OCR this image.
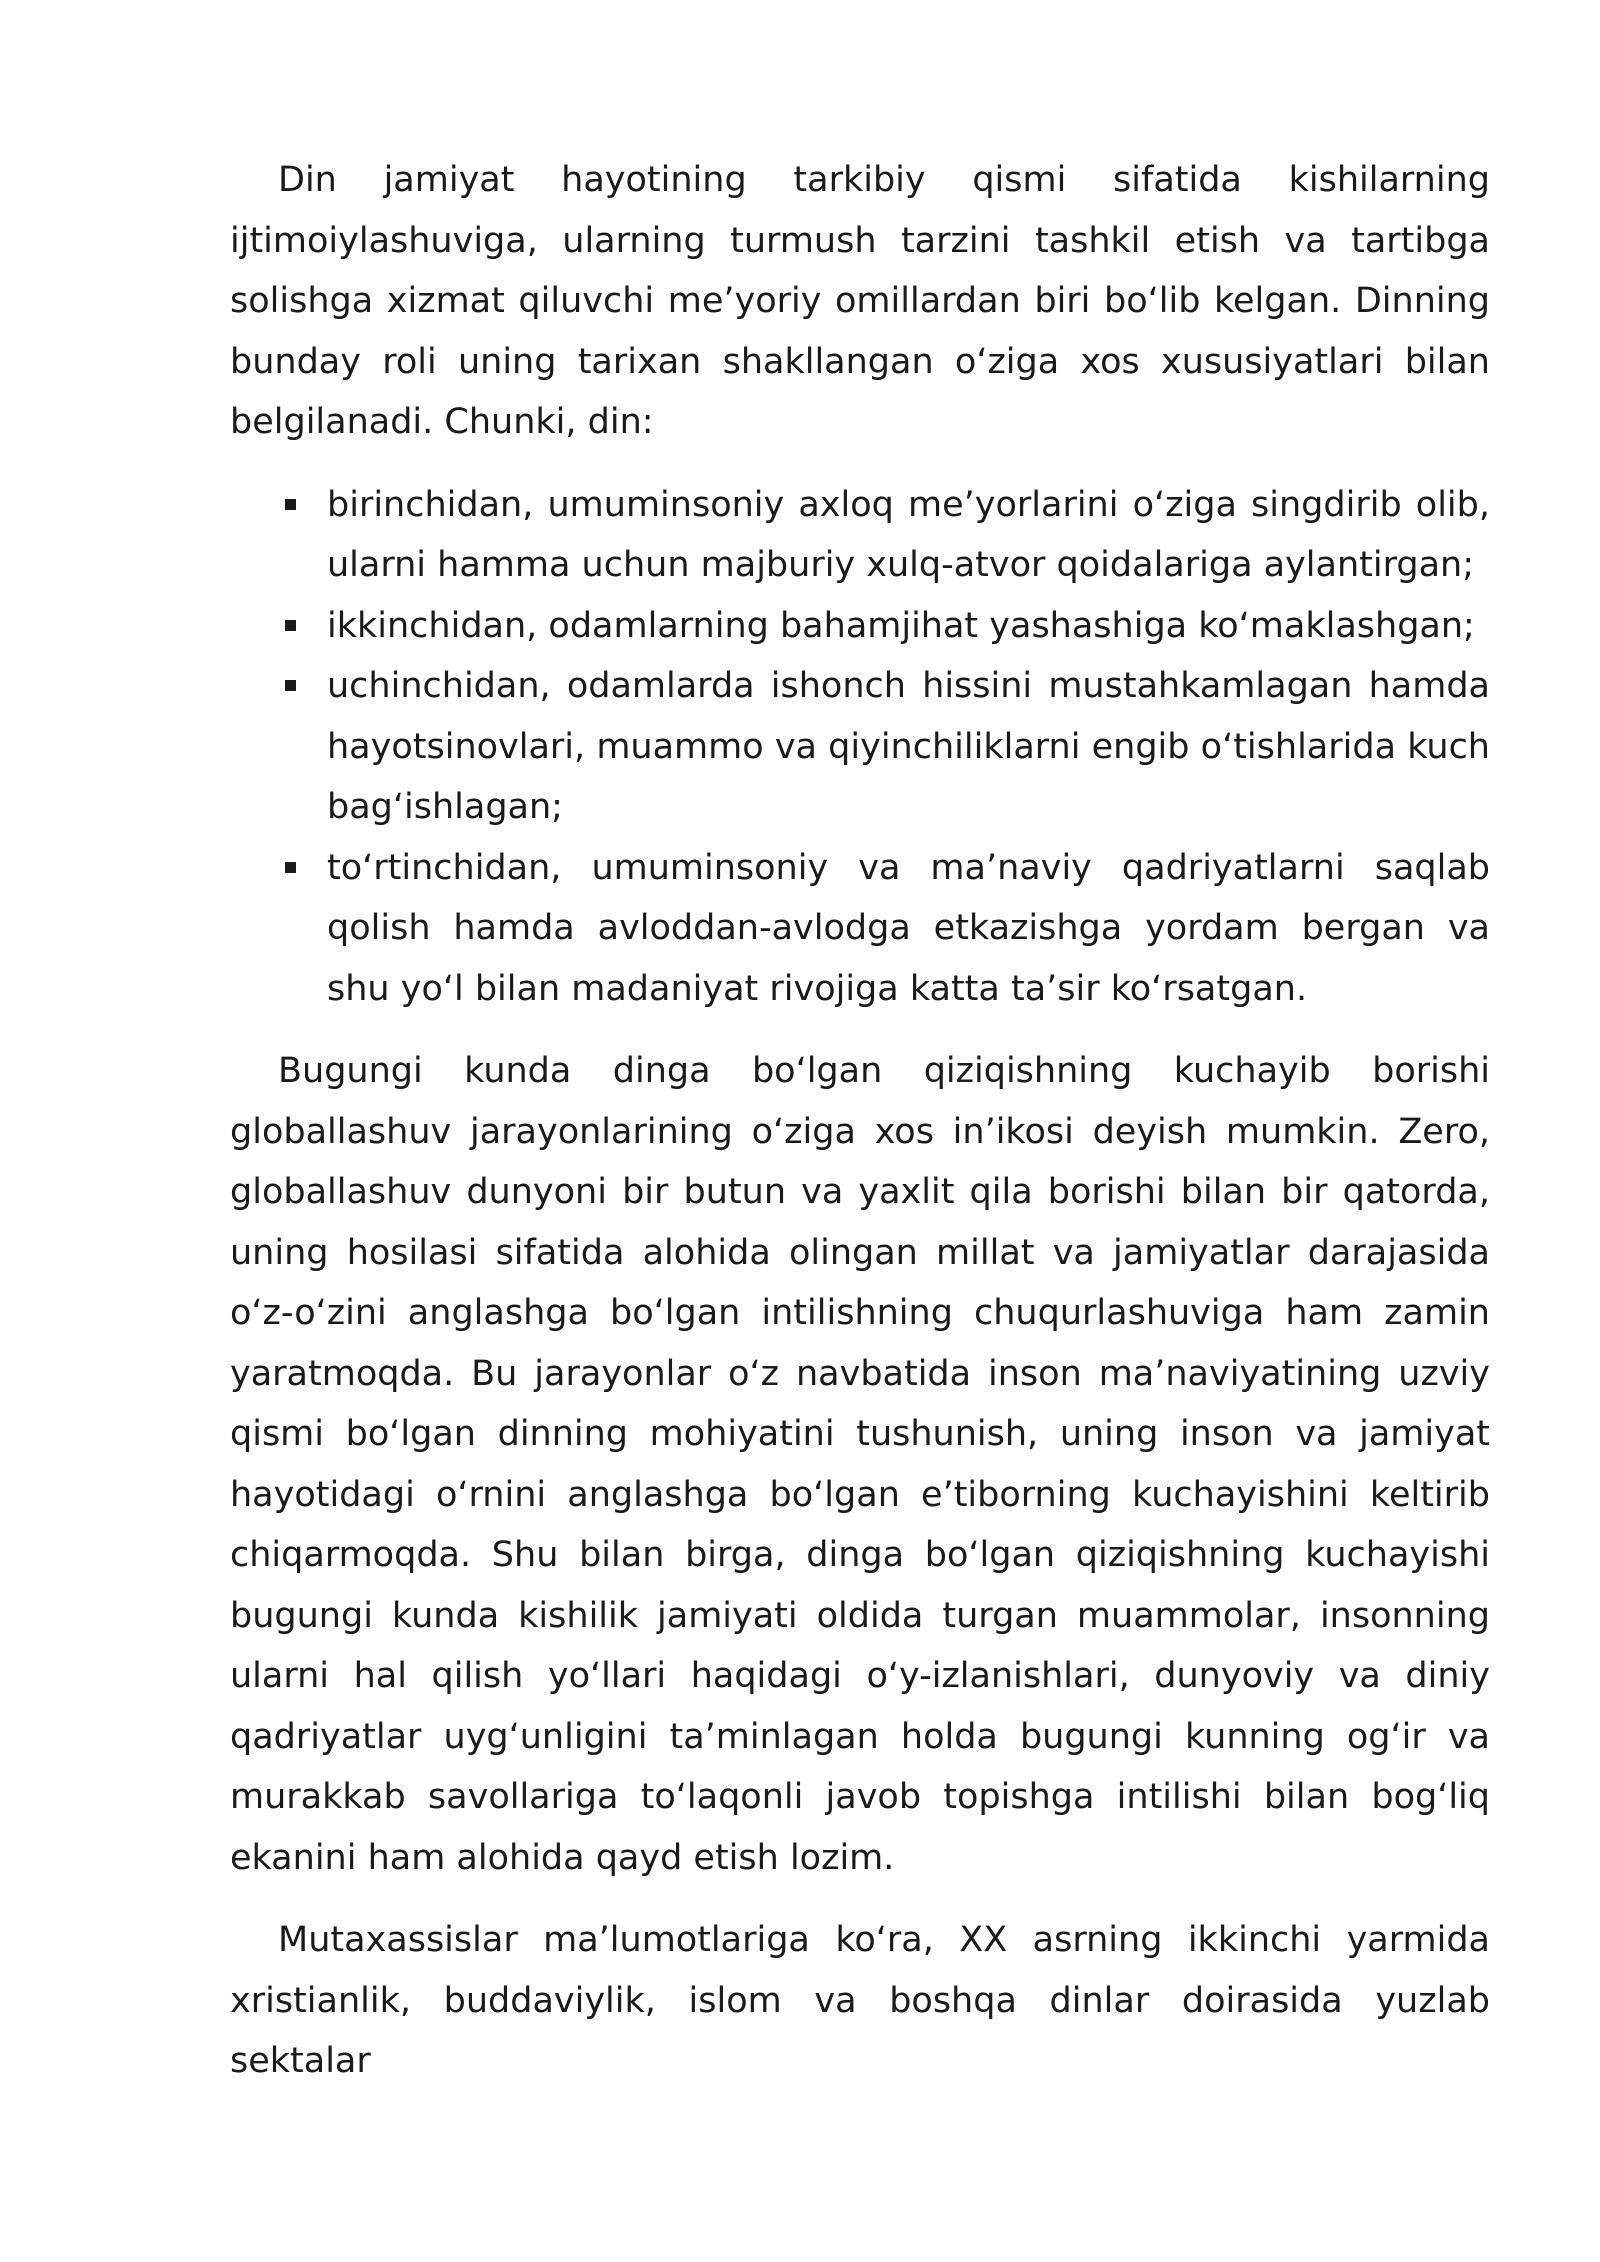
Din jamiyat hayotining tarkibiy qismi sifatida kishilarning ijtimoiylashuviga, ularning turmush tarzini tashkil etish va tartibga solishga xizmat qiluvchi me’yoriy omillardan biri bo‘lib kelgan. Dinning bunday roli uning tarixan shakllangan o‘ziga xos xususiyatlari bilan belgilanadi. Chunki, din:

birinchidan, umuminsoniy axloq me’yorlarini o‘ziga singdirib olib, ularni hamma uchun majburiy xulq-atvor qoidalariga aylantirgan;
ikkinchidan, odamlarning bahamjihat yashashiga ko‘maklashgan;
uchinchidan, odamlarda ishonch hissini mustahkamlagan hamda hayotsinovlari, muammo va qiyinchiliklarni engib o‘tishlarida kuch bag‘ishlagan;
to‘rtinchidan, umuminsoniy va ma’naviy qadriyatlarni saqlab qolish hamda avloddan-avlodga etkazishga yordam bergan va shu yo‘l bilan madaniyat rivojiga katta ta’sir ko‘rsatgan.

Bugungi kunda dinga bo‘lgan qiziqishning kuchayib borishi globallashuv jarayonlarining o‘ziga xos in’ikosi deyish mumkin. Zero, globallashuv dunyoni bir butun va yaxlit qila borishi bilan bir qatorda, uning hosilasi sifatida alohida olingan millat va jamiyatlar darajasida o‘z-o‘zini anglashga bo‘lgan intilishning chuqurlashuviga ham zamin yaratmoqda. Bu jarayonlar o‘z navbatida inson ma’naviyatining uzviy qismi bo‘lgan dinning mohiyatini tushunish, uning inson va jamiyat hayotidagi o‘rnini anglashga bo‘lgan e’tiborning kuchayishini keltirib chiqarmoqda. Shu bilan birga, dinga bo‘lgan qiziqishning kuchayishi bugungi kunda kishilik jamiyati oldida turgan muammolar, insonning ularni hal qilish yo‘llari haqidagi o‘y-izlanishlari, dunyoviy va diniy qadriyatlar uyg‘unligini ta’minlagan holda bugungi kunning og‘ir va murakkab savollariga to‘laqonli javob topishga intilishi bilan bog‘liq ekanini ham alohida qayd etish lozim.

Mutaxassislar ma’lumotlariga ko‘ra, XX asrning ikkinchi yarmida xristianlik, buddaviylik, islom va boshqa dinlar doirasida yuzlab sektalar
